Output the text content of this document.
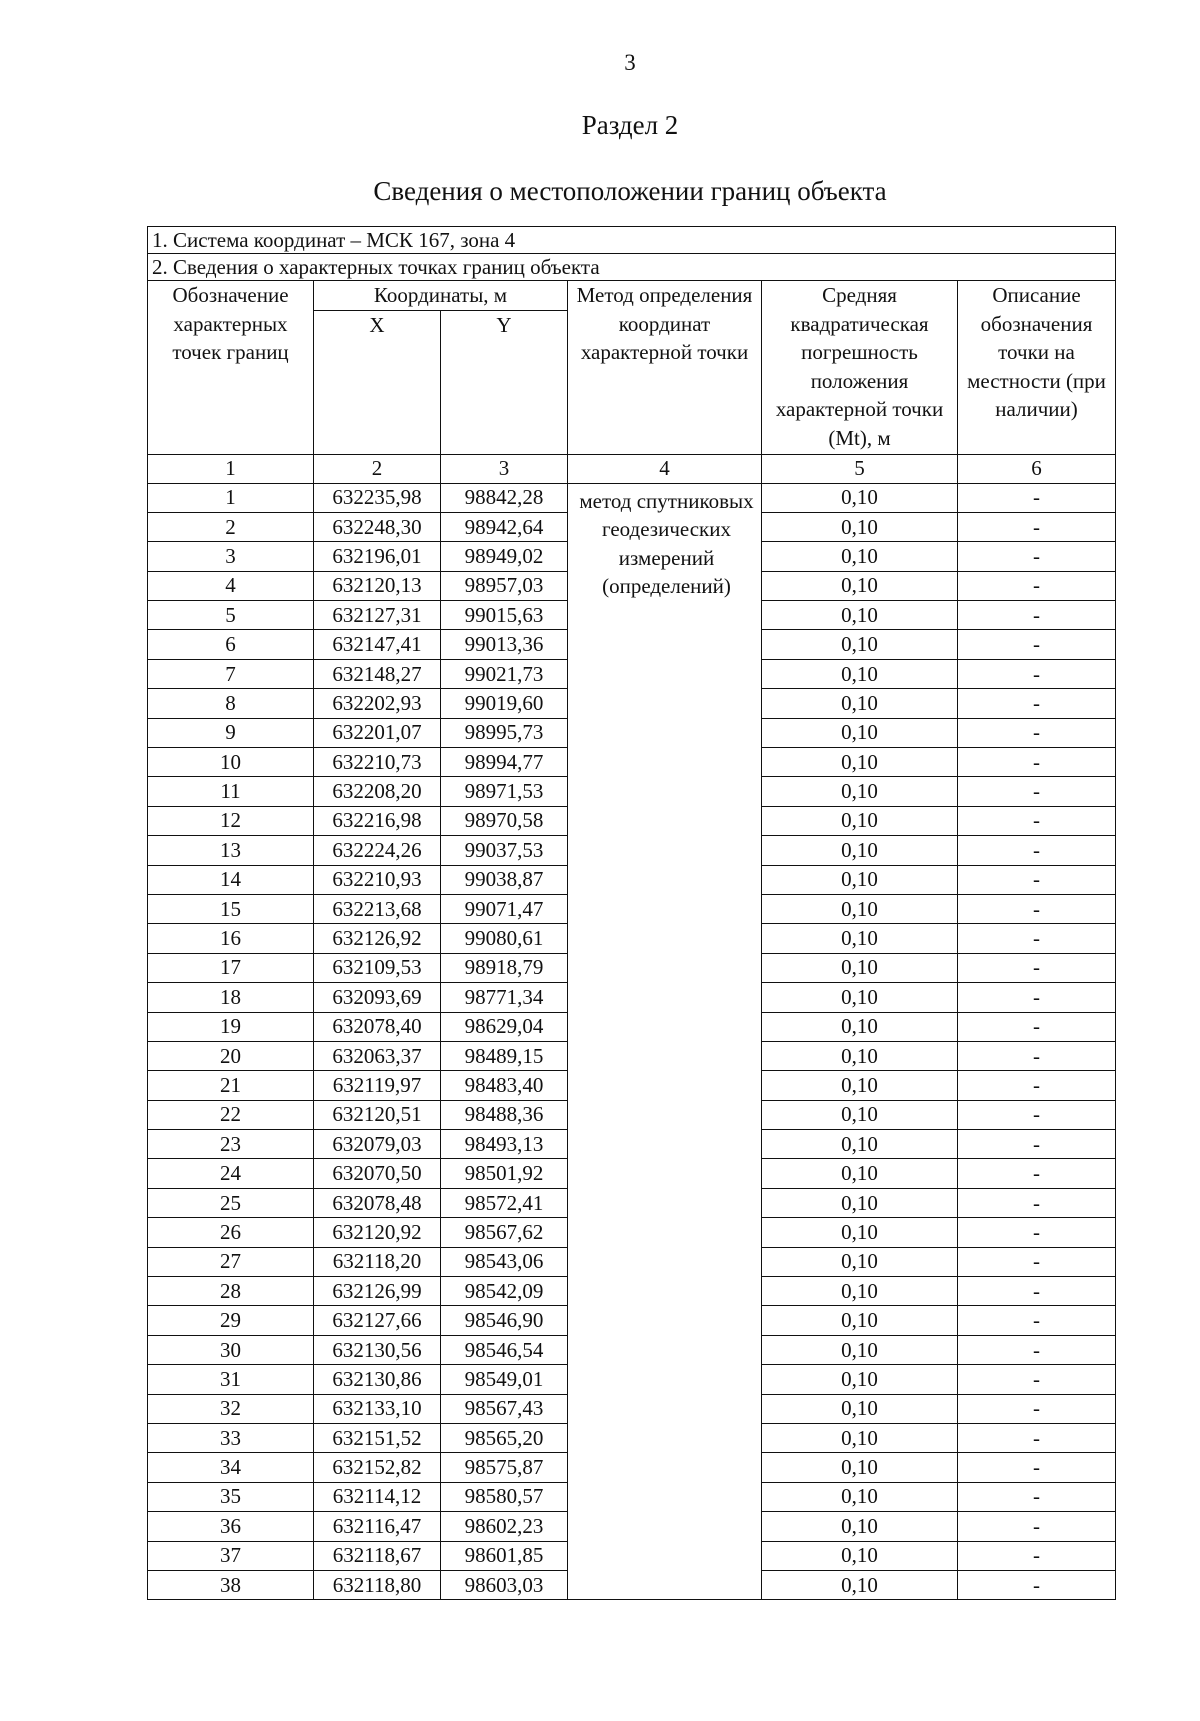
3
Раздел 2
Сведения о местоположении границ объекта
1. Система координат – МСК 167, зона 4					
2. Сведения о характерных точках границ объекта					
Обозначение характерных точек границ	Координаты, м		Метод определения координат характерной точки	Средняя квадратическая погрешность положения характерной точки (Mt), м	Описание обозначения точки на местности (при наличии)
	X	Y			
1	2	3	4	5	6
1	632235,98	98842,28	метод спутниковых геодезических измерений (определений)	0,10	-
2	632248,30	98942,64		0,10	-
3	632196,01	98949,02		0,10	-
4	632120,13	98957,03		0,10	-
5	632127,31	99015,63		0,10	-
6	632147,41	99013,36		0,10	-
7	632148,27	99021,73		0,10	-
8	632202,93	99019,60		0,10	-
9	632201,07	98995,73		0,10	-
10	632210,73	98994,77		0,10	-
11	632208,20	98971,53		0,10	-
12	632216,98	98970,58		0,10	-
13	632224,26	99037,53		0,10	-
14	632210,93	99038,87		0,10	-
15	632213,68	99071,47		0,10	-
16	632126,92	99080,61		0,10	-
17	632109,53	98918,79		0,10	-
18	632093,69	98771,34		0,10	-
19	632078,40	98629,04		0,10	-
20	632063,37	98489,15		0,10	-
21	632119,97	98483,40		0,10	-
22	632120,51	98488,36		0,10	-
23	632079,03	98493,13		0,10	-
24	632070,50	98501,92		0,10	-
25	632078,48	98572,41		0,10	-
26	632120,92	98567,62		0,10	-
27	632118,20	98543,06		0,10	-
28	632126,99	98542,09		0,10	-
29	632127,66	98546,90		0,10	-
30	632130,56	98546,54		0,10	-
31	632130,86	98549,01		0,10	-
32	632133,10	98567,43		0,10	-
33	632151,52	98565,20		0,10	-
34	632152,82	98575,87		0,10	-
35	632114,12	98580,57		0,10	-
36	632116,47	98602,23		0,10	-
37	632118,67	98601,85		0,10	-
38	632118,80	98603,03		0,10	-
